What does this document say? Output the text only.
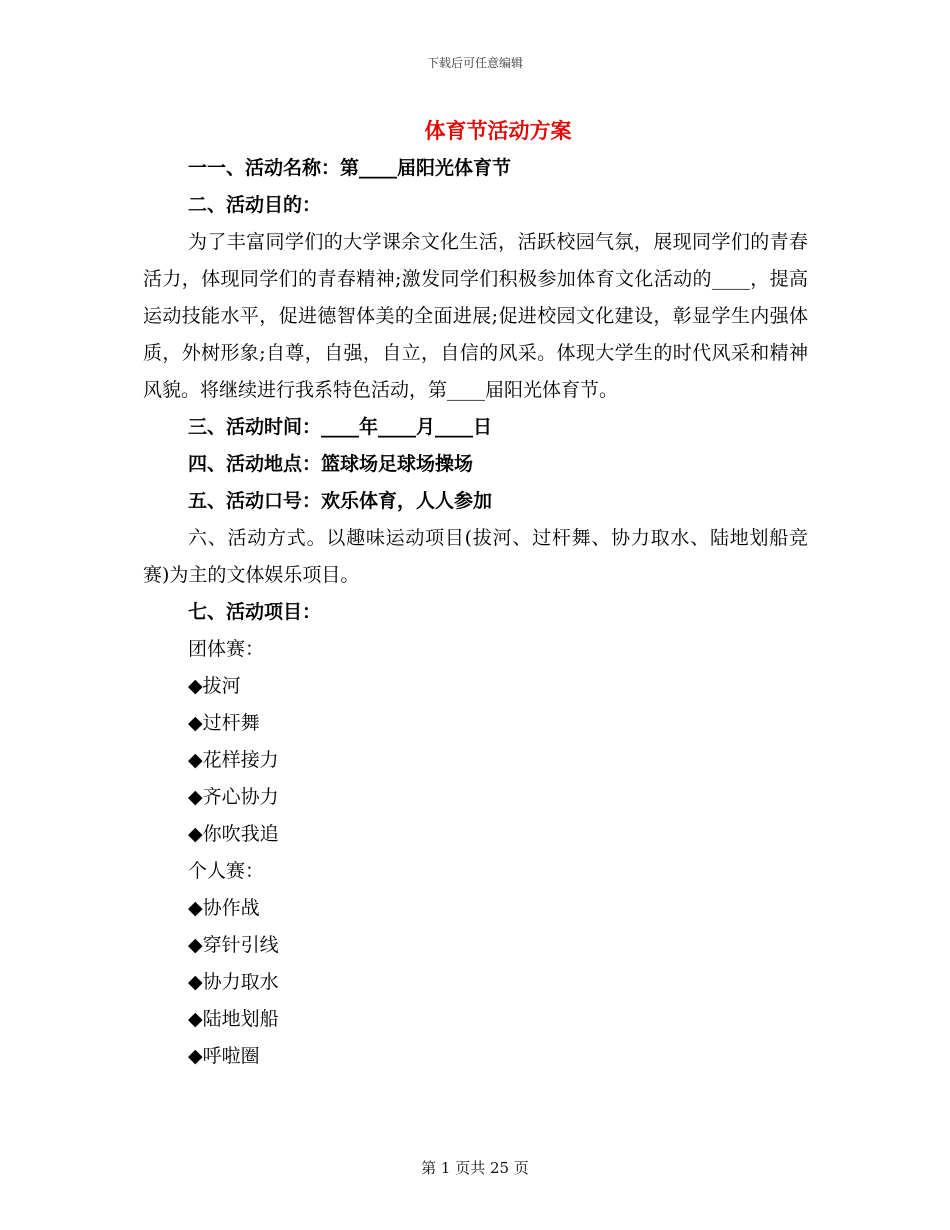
下载后可任意编辑
体育节活动方案

一一、活动名称：第____届阳光体育节

二、活动目的：

为了丰富同学们的大学课余文化生活，活跃校园气氛，展现同学们的青春活力，体现同学们的青春精神;激发同学们积极参加体育文化活动的____，提高运动技能水平，促进德智体美的全面进展;促进校园文化建设，彰显学生内强体质，外树形象;自尊，自强，自立，自信的风采。体现大学生的时代风采和精神风貌。将继续进行我系特色活动，第____届阳光体育节。

三、活动时间：____年____月____日

四、活动地点：篮球场足球场操场

五、活动口号：欢乐体育，人人参加

六、活动方式。以趣味运动项目(拔河、过杆舞、协力取水、陆地划船竞赛)为主的文体娱乐项目。

七、活动项目：

团体赛：

◆拔河

◆过杆舞

◆花样接力

◆齐心协力

◆你吹我追

个人赛：

◆协作战

◆穿针引线

◆协力取水

◆陆地划船

◆呼啦圈

第 1 页共 25 页
